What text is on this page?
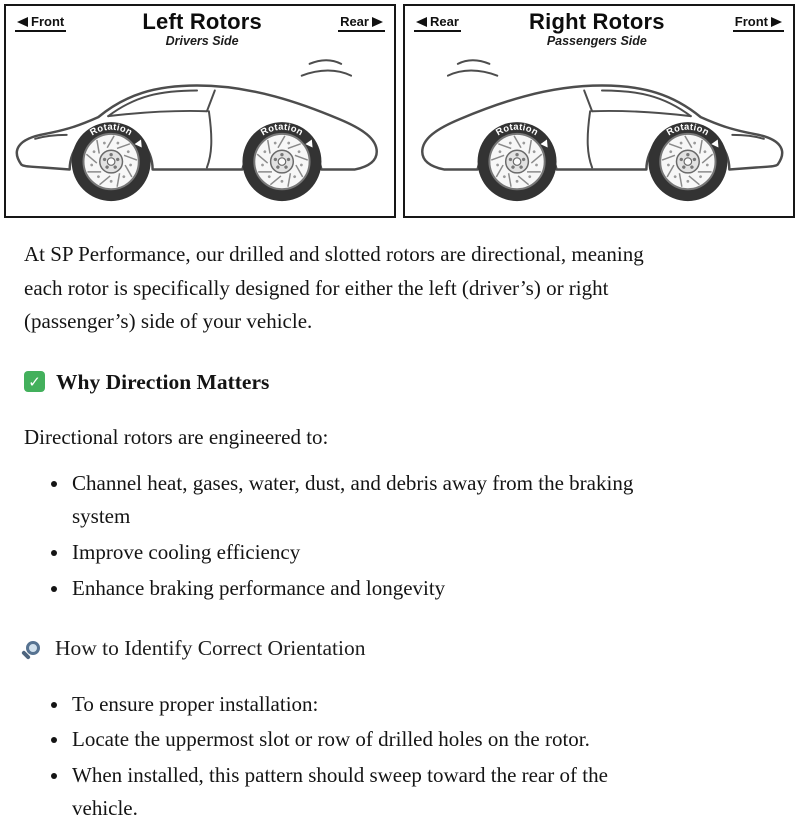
Front	Left Rotors
Drivers Side
Rear
Rotation	Rotation
Rear	Right Rotors
Passengers Side
Front
Rotation	Rotation

At SP Performance, our drilled and slotted rotors are directional, meaning each rotor is specifically designed for either the left (driver’s) or right (passenger’s) side of your vehicle.

✓
Why Direction Matters

Directional rotors are engineered to:

• Channel heat, gases, water, dust, and debris away from the braking system
• Improve cooling efficiency
• Enhance braking performance and longevity
How to Identify Correct Orientation
• To ensure proper installation:
• Locate the uppermost slot or row of drilled holes on the rotor.
• When installed, this pattern should sweep toward the rear of the vehicle.
